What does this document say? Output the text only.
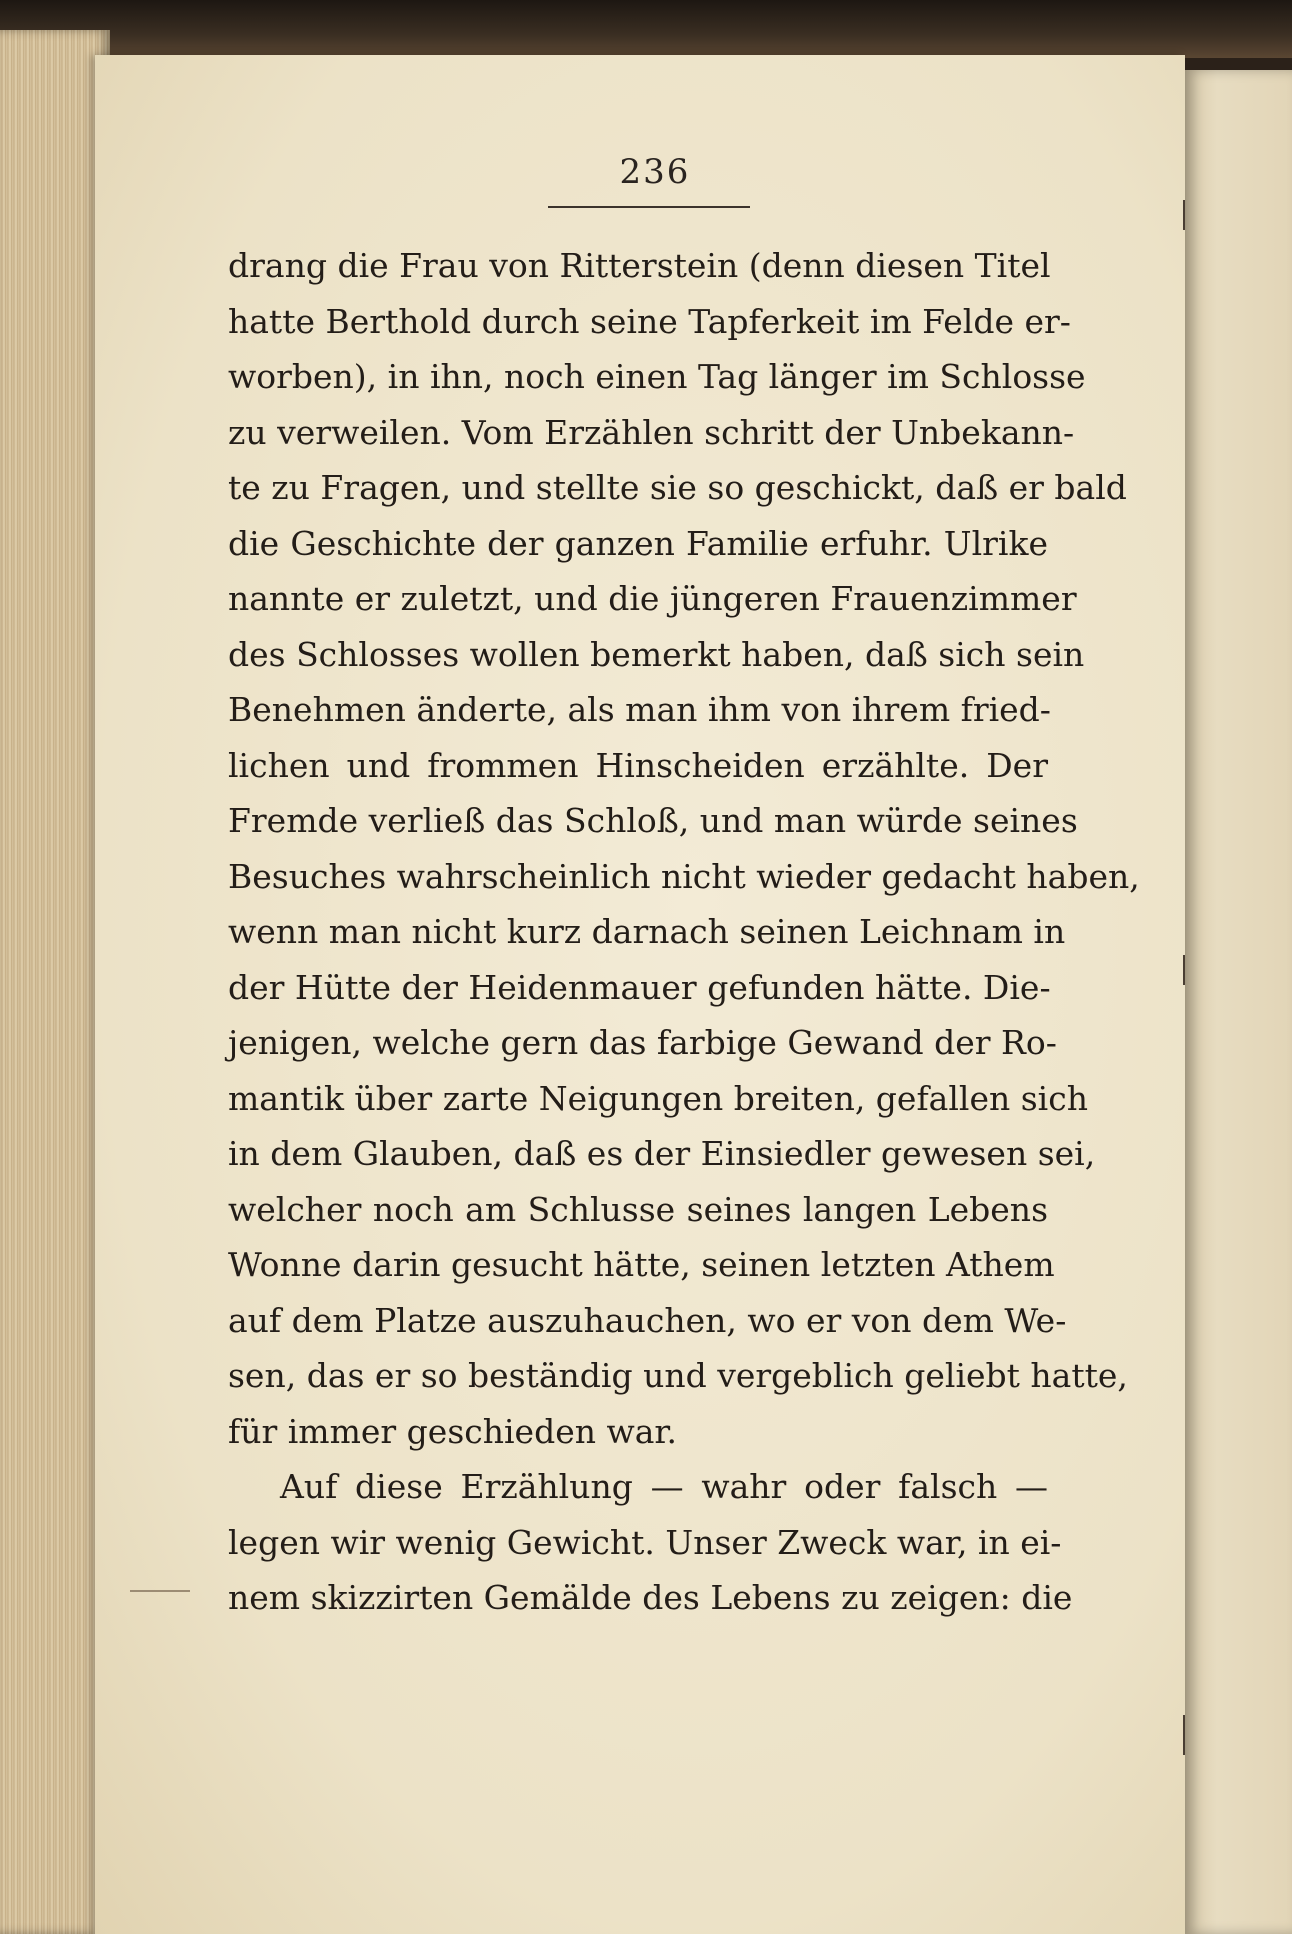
236
drang die Frau von Ritterstein (denn diesen Titel
hatte Berthold durch seine Tapferkeit im Felde er-
worben), in ihn, noch einen Tag länger im Schlosse
zu verweilen. Vom Erzählen schritt der Unbekann-
te zu Fragen, und stellte sie so geschickt, daß er bald
die Geschichte der ganzen Familie erfuhr. Ulrike
nannte er zuletzt, und die jüngeren Frauenzimmer
des Schlosses wollen bemerkt haben, daß sich sein
Benehmen änderte, als man ihm von ihrem fried-
lichen und frommen Hinscheiden erzählte. Der
Fremde verließ das Schloß, und man würde seines
Besuches wahrscheinlich nicht wieder gedacht haben,
wenn man nicht kurz darnach seinen Leichnam in
der Hütte der Heidenmauer gefunden hätte. Die-
jenigen, welche gern das farbige Gewand der Ro-
mantik über zarte Neigungen breiten, gefallen sich
in dem Glauben, daß es der Einsiedler gewesen sei,
welcher noch am Schlusse seines langen Lebens
Wonne darin gesucht hätte, seinen letzten Athem
auf dem Platze auszuhauchen, wo er von dem We-
sen, das er so beständig und vergeblich geliebt hatte,
für immer geschieden war.
Auf diese Erzählung — wahr oder falsch —
legen wir wenig Gewicht. Unser Zweck war, in ei-
nem skizzirten Gemälde des Lebens zu zeigen: die
